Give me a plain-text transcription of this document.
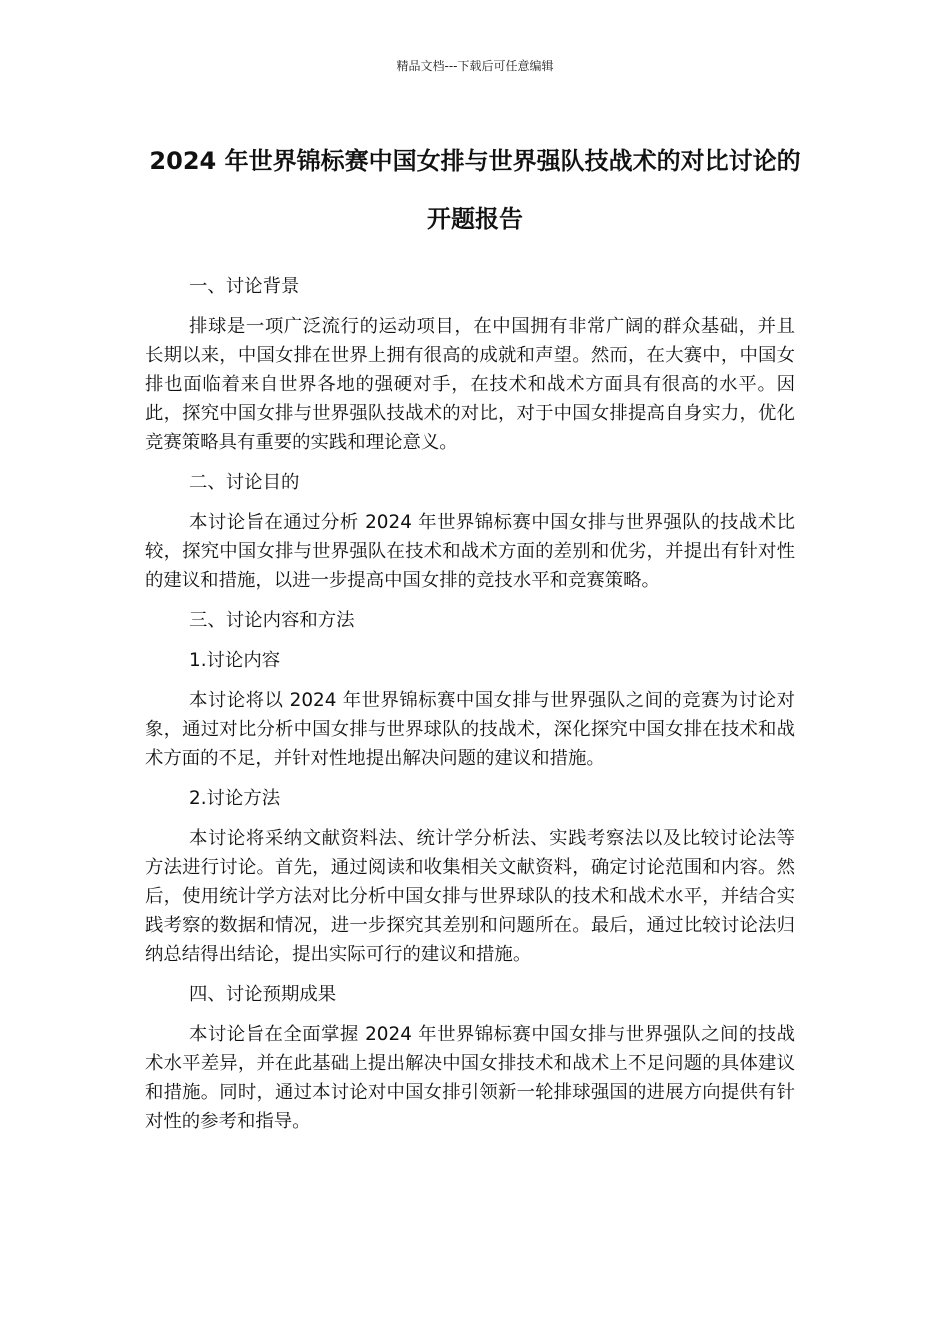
精品文档---下载后可任意编辑
2024 年世界锦标赛中国女排与世界强队技战术的对比讨论的开题报告

一、讨论背景

排球是一项广泛流行的运动项目，在中国拥有非常广阔的群众基础，并且长期以来，中国女排在世界上拥有很高的成就和声望。然而，在大赛中，中国女排也面临着来自世界各地的强硬对手，在技术和战术方面具有很高的水平。因此，探究中国女排与世界强队技战术的对比，对于中国女排提高自身实力，优化竞赛策略具有重要的实践和理论意义。

二、讨论目的

本讨论旨在通过分析 2024 年世界锦标赛中国女排与世界强队的技战术比较，探究中国女排与世界强队在技术和战术方面的差别和优劣，并提出有针对性的建议和措施，以进一步提高中国女排的竞技水平和竞赛策略。

三、讨论内容和方法

1.讨论内容

本讨论将以 2024 年世界锦标赛中国女排与世界强队之间的竞赛为讨论对象，通过对比分析中国女排与世界球队的技战术，深化探究中国女排在技术和战术方面的不足，并针对性地提出解决问题的建议和措施。

2.讨论方法

本讨论将采纳文献资料法、统计学分析法、实践考察法以及比较讨论法等方法进行讨论。首先，通过阅读和收集相关文献资料，确定讨论范围和内容。然后，使用统计学方法对比分析中国女排与世界球队的技术和战术水平，并结合实践考察的数据和情况，进一步探究其差别和问题所在。最后，通过比较讨论法归纳总结得出结论，提出实际可行的建议和措施。

四、讨论预期成果

本讨论旨在全面掌握 2024 年世界锦标赛中国女排与世界强队之间的技战术水平差异，并在此基础上提出解决中国女排技术和战术上不足问题的具体建议和措施。同时，通过本讨论对中国女排引领新一轮排球强国的进展方向提供有针对性的参考和指导。
